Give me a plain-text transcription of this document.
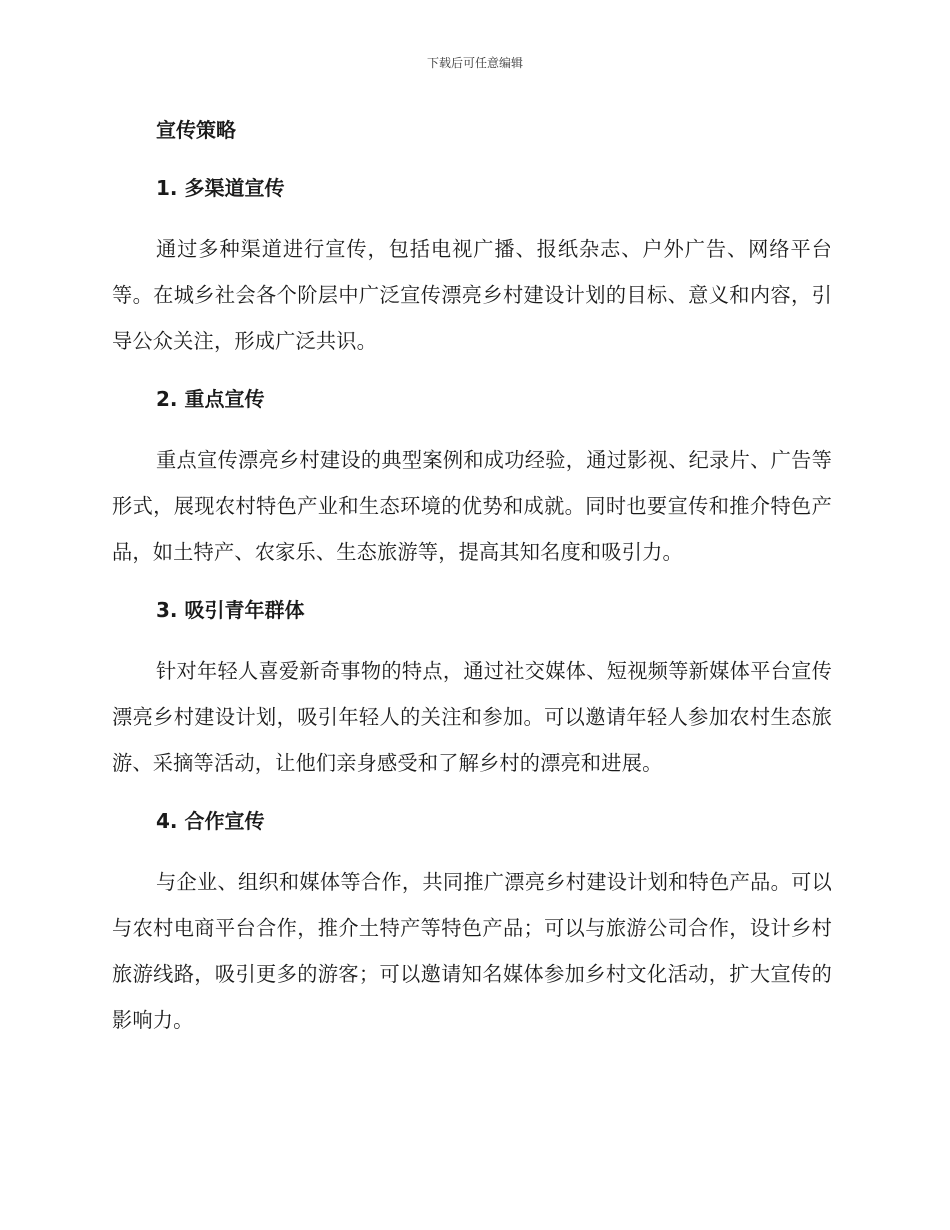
下载后可任意编辑
宣传策略
1. 多渠道宣传

通过多种渠道进行宣传，包括电视广播、报纸杂志、户外广告、网络平台等。在城乡社会各个阶层中广泛宣传漂亮乡村建设计划的目标、意义和内容，引导公众关注，形成广泛共识。

2. 重点宣传

重点宣传漂亮乡村建设的典型案例和成功经验，通过影视、纪录片、广告等形式，展现农村特色产业和生态环境的优势和成就。同时也要宣传和推介特色产品，如土特产、农家乐、生态旅游等，提高其知名度和吸引力。

3. 吸引青年群体

针对年轻人喜爱新奇事物的特点，通过社交媒体、短视频等新媒体平台宣传漂亮乡村建设计划，吸引年轻人的关注和参加。可以邀请年轻人参加农村生态旅游、采摘等活动，让他们亲身感受和了解乡村的漂亮和进展。

4. 合作宣传

与企业、组织和媒体等合作，共同推广漂亮乡村建设计划和特色产品。可以与农村电商平台合作，推介土特产等特色产品；可以与旅游公司合作，设计乡村旅游线路，吸引更多的游客；可以邀请知名媒体参加乡村文化活动，扩大宣传的影响力。
